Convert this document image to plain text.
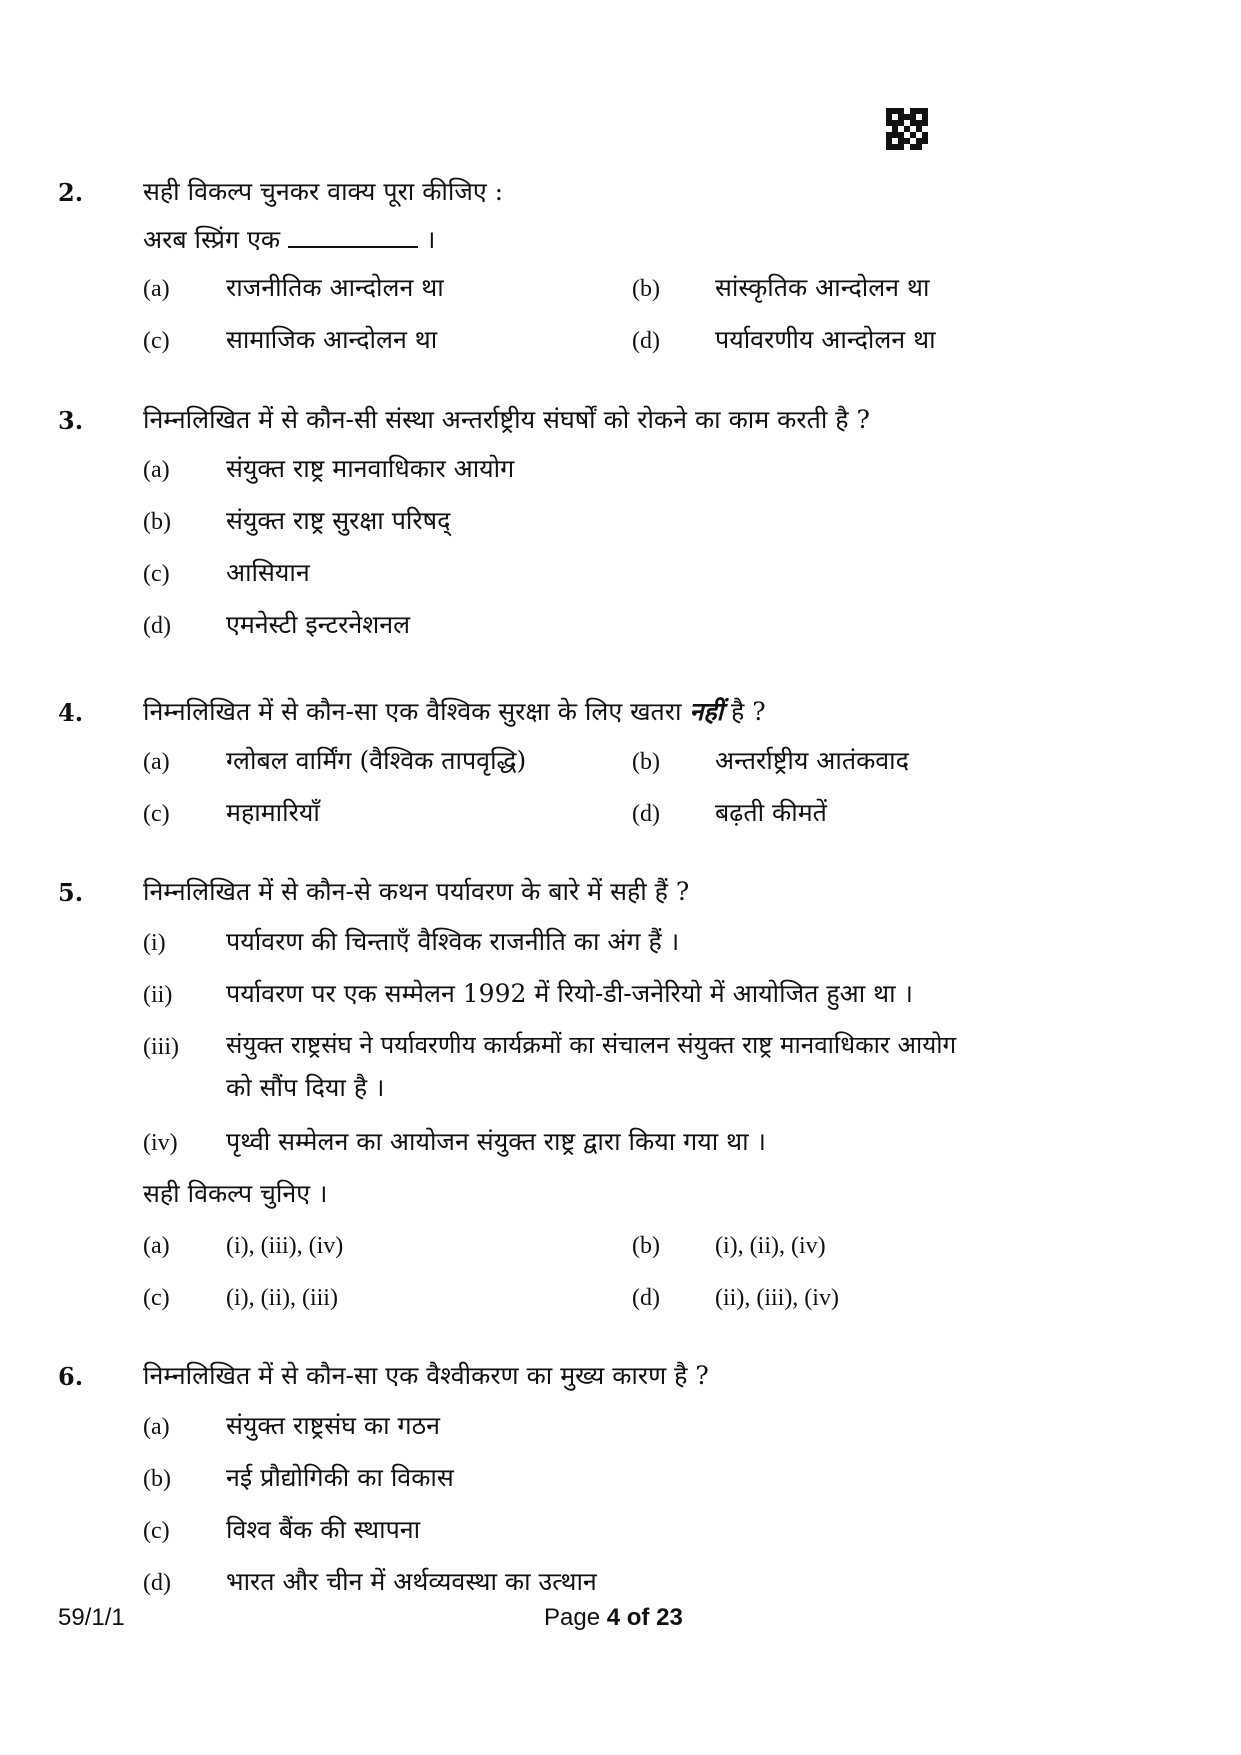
2. सही विकल्प चुनकर वाक्य पूरा कीजिए :
अरब स्प्रिंग एक	।
(a) राजनीतिक आन्दोलन था	(b) सांस्कृतिक आन्दोलन था
(c) सामाजिक आन्दोलन था	(d) पर्यावरणीय आन्दोलन था
3. निम्नलिखित में से कौन-सी संस्था अन्तर्राष्ट्रीय संघर्षों को रोकने का काम करती है ?
(a) संयुक्त राष्ट्र मानवाधिकार आयोग
(b) संयुक्त राष्ट्र सुरक्षा परिषद्
(c) आसियान
(d) एमनेस्टी इन्टरनेशनल
4. निम्नलिखित में से कौन-सा एक वैश्विक सुरक्षा के लिए खतरा नहीं है ?
(a) ग्लोबल वार्मिंग (वैश्विक तापवृद्धि)	(b) अन्तर्राष्ट्रीय आतंकवाद
(c) महामारियाँ	(d) बढ़ती कीमतें
5. निम्नलिखित में से कौन-से कथन पर्यावरण के बारे में सही हैं ?
(i) पर्यावरण की चिन्ताएँ वैश्विक राजनीति का अंग हैं ।
(ii) पर्यावरण पर एक सम्मेलन 1992 में रियो-डी-जनेरियो में आयोजित हुआ था ।
(iii) संयुक्त राष्ट्रसंघ ने पर्यावरणीय कार्यक्रमों का संचालन संयुक्त राष्ट्र मानवाधिकार आयोग
को सौंप दिया है ।
(iv) पृथ्वी सम्मेलन का आयोजन संयुक्त राष्ट्र द्वारा किया गया था ।
सही विकल्प चुनिए ।
(a) (i), (iii), (iv)	(b) (i), (ii), (iv)
(c) (i), (ii), (iii)	(d) (ii), (iii), (iv)
6. निम्नलिखित में से कौन-सा एक वैश्वीकरण का मुख्य कारण है ?
(a) संयुक्त राष्ट्रसंघ का गठन
(b) नई प्रौद्योगिकी का विकास
(c) विश्व बैंक की स्थापना
(d) भारत और चीन में अर्थव्यवस्था का उत्थान
59/1/1	Page 4 of 23
